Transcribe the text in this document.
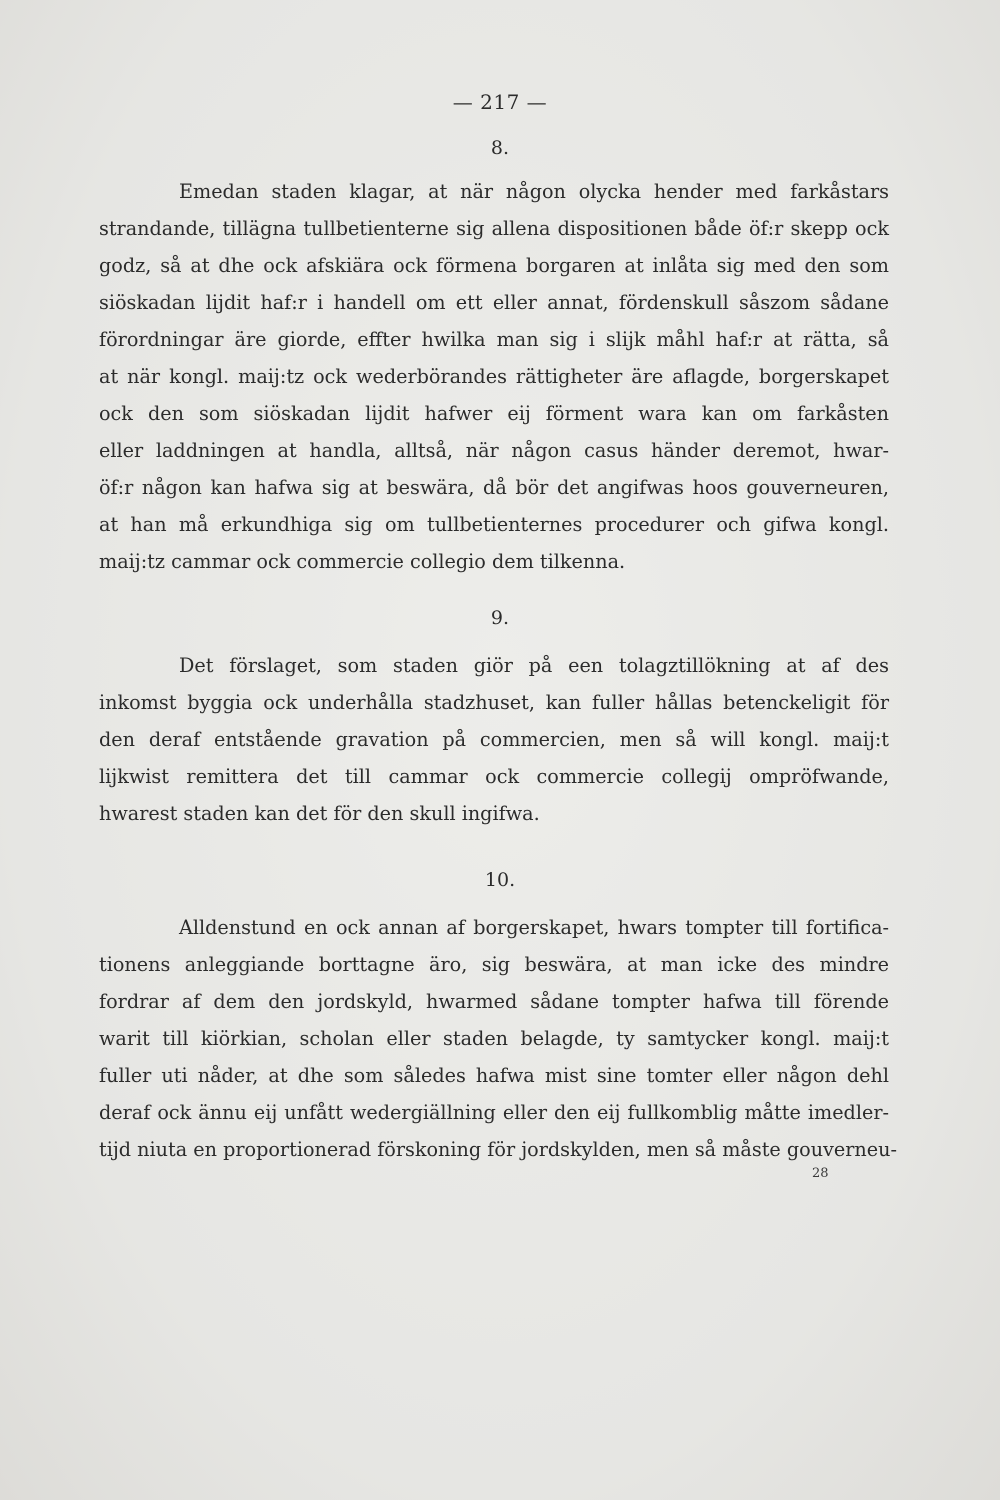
— 217 —
8.
Emedan staden klagar, at när någon olycka hender med farkåstars
strandande, tillägna tullbetienterne sig allena dispositionen både öf:r skepp ock
godz, så at dhe ock afskiära ock förmena borgaren at inlåta sig med den som
siöskadan lijdit haf:r i handell om ett eller annat, fördenskull såszom sådane
förordningar äre giorde, effter hwilka man sig i slijk måhl haf:r at rätta, så
at när kongl. maij:tz ock wederbörandes rättigheter äre aflagde, borgerskapet
ock den som siöskadan lijdit hafwer eij förment wara kan om farkåsten
eller laddningen at handla, alltså, när någon casus händer deremot, hwar-
öf:r någon kan hafwa sig at beswära, då bör det angifwas hoos gouverneuren,
at han må erkundhiga sig om tullbetienternes procedurer och gifwa kongl.
maij:tz cammar ock commercie collegio dem tilkenna.
9.
Det förslaget, som staden giör på een tolagztillökning at af des
inkomst byggia ock underhålla stadzhuset, kan fuller hållas betenckeligit för
den deraf entstående gravation på commercien, men så will kongl. maij:t
lijkwist remittera det till cammar ock commercie collegij ompröfwande,
hwarest staden kan det för den skull ingifwa.
10.
Alldenstund en ock annan af borgerskapet, hwars tompter till fortifica-
tionens anleggiande borttagne äro, sig beswära, at man icke des mindre
fordrar af dem den jordskyld, hwarmed sådane tompter hafwa till förende
warit till kiörkian, scholan eller staden belagde, ty samtycker kongl. maij:t
fuller uti nåder, at dhe som således hafwa mist sine tomter eller någon dehl
deraf ock ännu eij unfått wedergiällning eller den eij fullkomblig måtte imedler-
tijd niuta en proportionerad förskoning för jordskylden, men så måste gouverneu-
28
